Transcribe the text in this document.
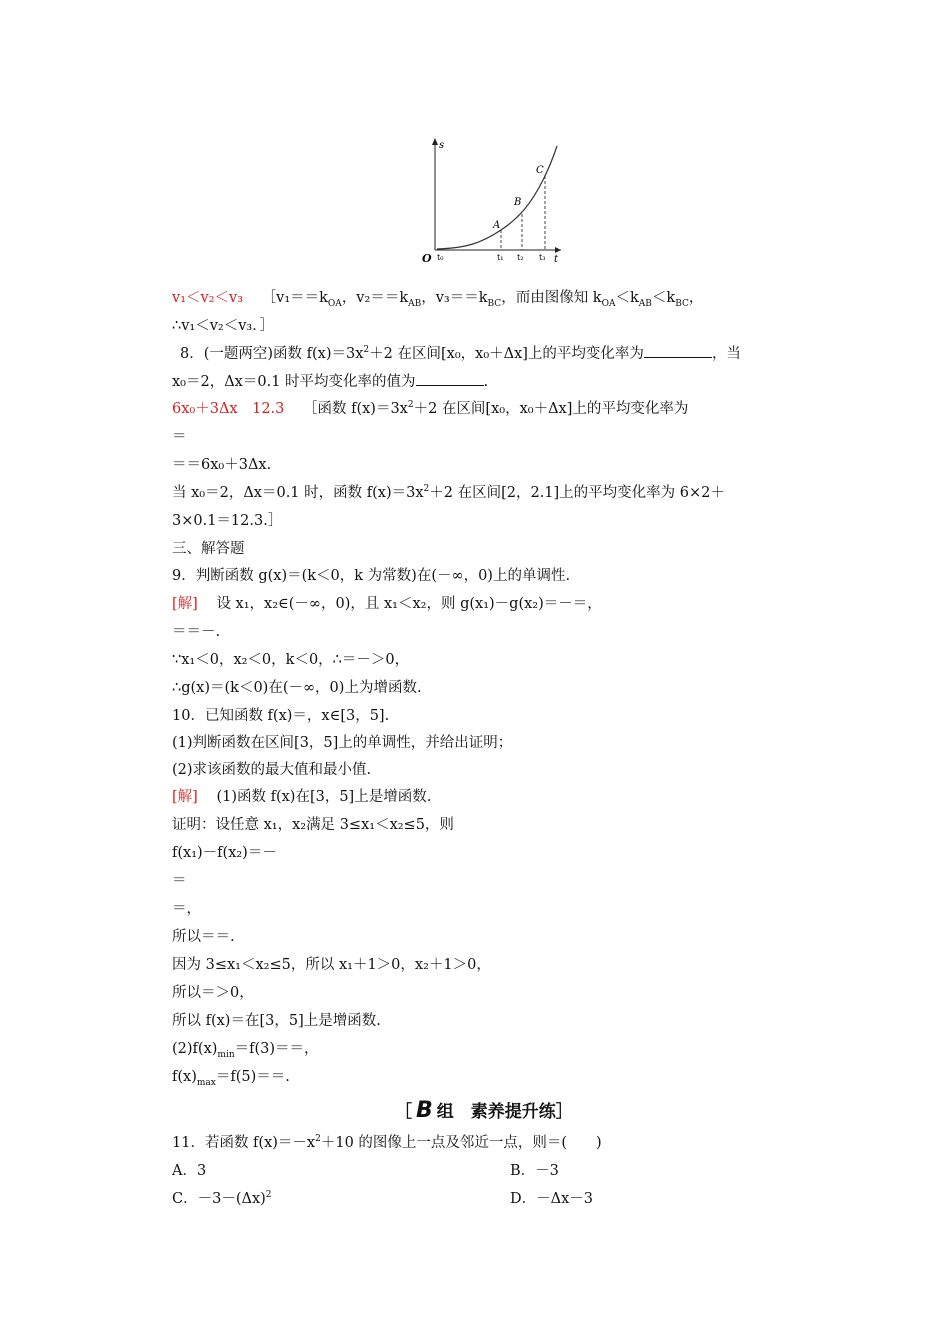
s
t
O t₀	t₁ t₂ t₃
A
B
C
v₁＜v₂＜v₃ $[v_1==k_{OA}$，$v_2==k_{AB}$，$v_3==k_{BC}$，而由图像知 $k_{OA}<k_{AB}<k_{BC}$，
∴v₁＜v₂＜v₃．］
8．(一题两空)函数 $f(x)=3x^2+2$ 在区间[x₀，x₀＋Δx]上的平均变化率为	，当
x₀＝2，Δx＝0.1 时平均变化率的值为	.
6x₀＋3Δx　12.3 ［函数 $f(x)=3x^2+2$ 在区间[x₀，x₀＋Δx]上的平均变化率为
＝
＝＝6x₀＋3Δx.
当 x₀＝2，Δx＝0.1 时，函数 $f(x)=3x^2+2$ 在区间[2，2.1]上的平均变化率为 6×2＋
3×0.1＝12.3.］
三、解答题
9．判断函数 g(x)＝(k＜0，k 为常数)在(－∞，0)上的单调性.
[解] 设 x₁，x₂∈(－∞，0)，且 x₁＜x₂，则 g(x₁)－g(x₂)＝－＝，
＝＝－.
∵x₁＜0，x₂＜0，k＜0，∴＝－＞0，
∴g(x)＝(k＜0)在(－∞，0)上为增函数.
10．已知函数 f(x)＝，x∈[3，5].
(1)判断函数在区间[3，5]上的单调性，并给出证明；
(2)求该函数的最大值和最小值.
[解] (1)函数 f(x)在[3，5]上是增函数.
证明：设任意 x₁，x₂满足 3≤x₁＜x₂≤5，则
f(x₁)－f(x₂)＝－
＝
＝，
所以＝＝.
因为 3≤x₁＜x₂≤5，所以 x₁＋1＞0，x₂＋1＞0，
所以＝＞0，
所以 f(x)＝在[3，5]上是增函数.
$(2)f(x)_{min}=f(3)==$，
$f(x)_{max}=f(5)==$.
［ B 组　素养提升练］
11．若函数 $f(x)=-x^2+10$ 的图像上一点及邻近一点，则＝(　　)
A．3	B．－3
C．$-3-(\Delta x)^2$	D．－Δx－3
